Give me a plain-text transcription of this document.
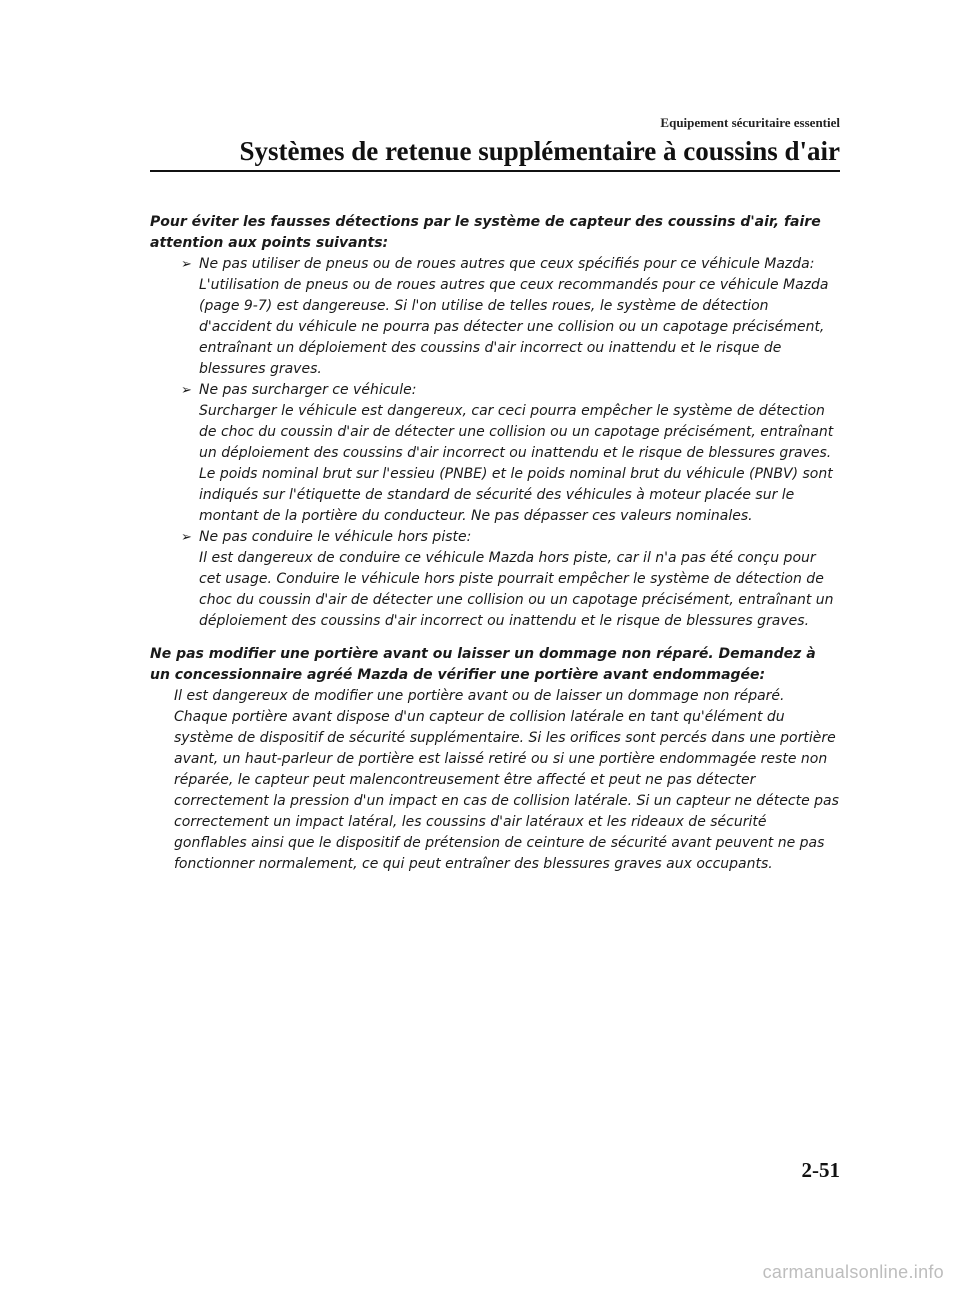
Equipement sécuritaire essentiel
Systèmes de retenue supplémentaire à coussins d'air

Pour éviter les fausses détections par le système de capteur des coussins d'air, faire attention aux points suivants:

➢ Ne pas utiliser de pneus ou de roues autres que ceux spécifiés pour ce véhicule Mazda:

L'utilisation de pneus ou de roues autres que ceux recommandés pour ce véhicule Mazda (page 9-7) est dangereuse. Si l'on utilise de telles roues, le système de détection d'accident du véhicule ne pourra pas détecter une collision ou un capotage précisément, entraînant un déploiement des coussins d'air incorrect ou inattendu et le risque de blessures graves.

➢ Ne pas surcharger ce véhicule:

Surcharger le véhicule est dangereux, car ceci pourra empêcher le système de détection de choc du coussin d'air de détecter une collision ou un capotage précisément, entraînant un déploiement des coussins d'air incorrect ou inattendu et le risque de blessures graves. Le poids nominal brut sur l'essieu (PNBE) et le poids nominal brut du véhicule (PNBV) sont indiqués sur l'étiquette de standard de sécurité des véhicules à moteur placée sur le montant de la portière du conducteur. Ne pas dépasser ces valeurs nominales.

➢ Ne pas conduire le véhicule hors piste:

Il est dangereux de conduire ce véhicule Mazda hors piste, car il n'a pas été conçu pour cet usage. Conduire le véhicule hors piste pourrait empêcher le système de détection de choc du coussin d'air de détecter une collision ou un capotage précisément, entraînant un déploiement des coussins d'air incorrect ou inattendu et le risque de blessures graves.

Ne pas modifier une portière avant ou laisser un dommage non réparé. Demandez à un concessionnaire agréé Mazda de vérifier une portière avant endommagée:

Il est dangereux de modifier une portière avant ou de laisser un dommage non réparé. Chaque portière avant dispose d'un capteur de collision latérale en tant qu'élément du système de dispositif de sécurité supplémentaire. Si les orifices sont percés dans une portière avant, un haut-parleur de portière est laissé retiré ou si une portière endommagée reste non réparée, le capteur peut malencontreusement être affecté et peut ne pas détecter correctement la pression d'un impact en cas de collision latérale. Si un capteur ne détecte pas correctement un impact latéral, les coussins d'air latéraux et les rideaux de sécurité gonflables ainsi que le dispositif de prétension de ceinture de sécurité avant peuvent ne pas fonctionner normalement, ce qui peut entraîner des blessures graves aux occupants.

2-51
carmanualsonline.info
